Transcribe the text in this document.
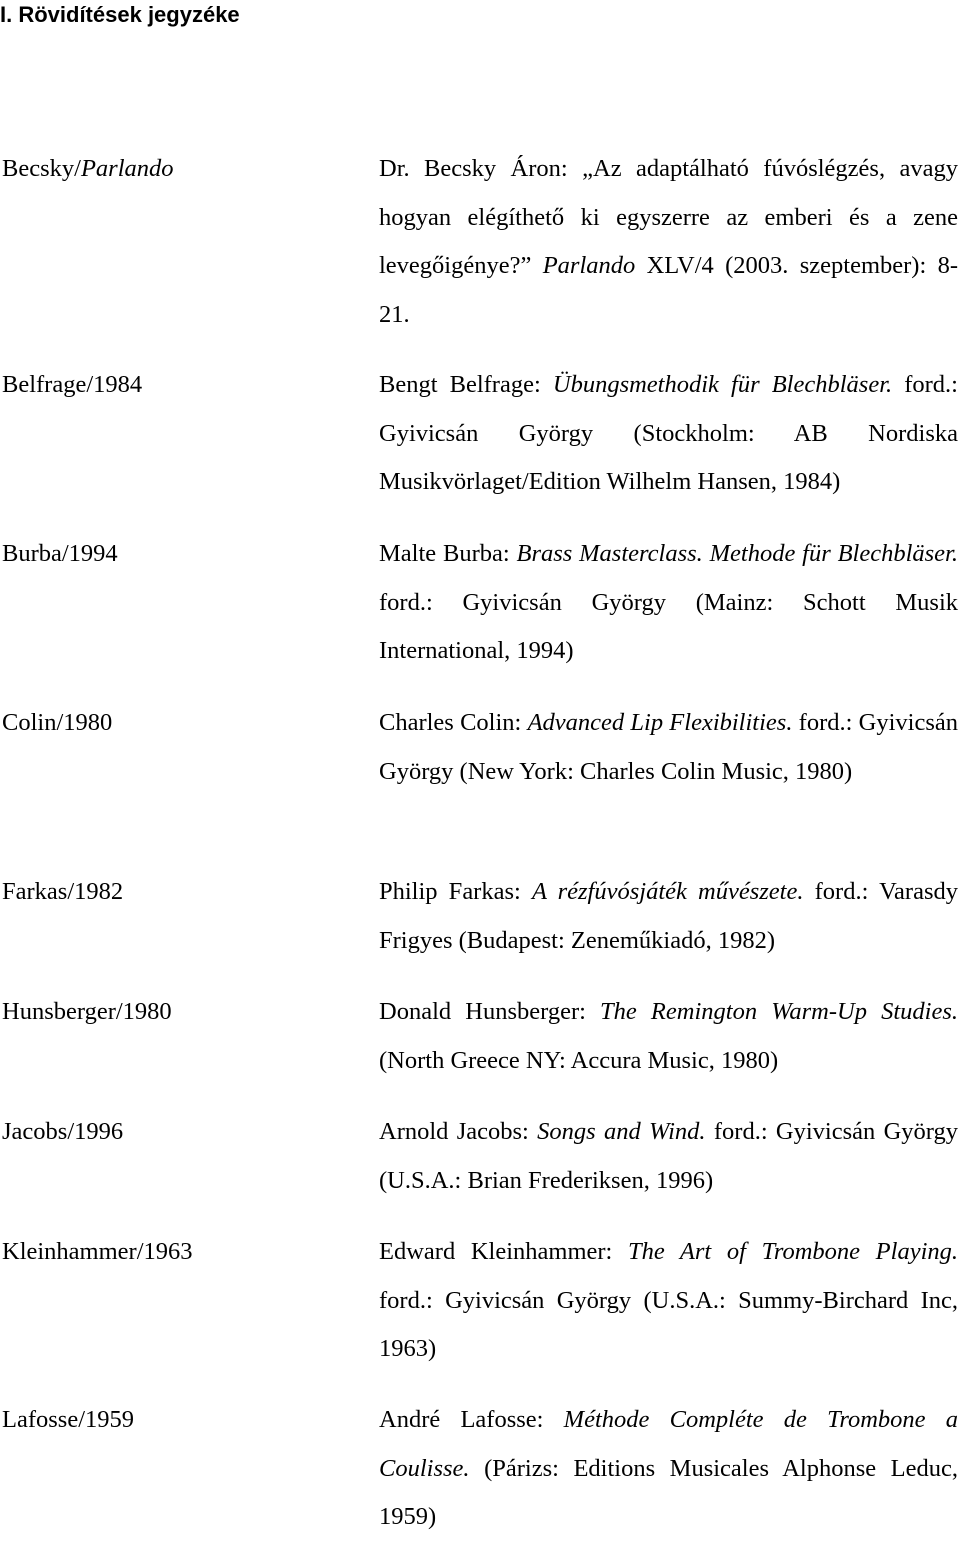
I. Rövidítések jegyzéke
Becsky/Parlando	Dr. Becsky Áron: „Az adaptálható fúvóslégzés, avagy hogyan elégíthető ki egyszerre az emberi és a zene levegőigénye?” Parlando XLV/4 (2003. szeptember): 8-21.
Belfrage/1984	Bengt Belfrage: Übungsmethodik für Blechbläser. ford.: Gyivicsán György (Stockholm: AB Nordiska Musikvörlaget/Edition Wilhelm Hansen, 1984)
Burba/1994	Malte Burba: Brass Masterclass. Methode für Blechbläser. ford.: Gyivicsán György (Mainz: Schott Musik International, 1994)
Colin/1980	Charles Colin: Advanced Lip Flexibilities. ford.: Gyivicsán György (New York: Charles Colin Music, 1980)
Farkas/1982	Philip Farkas: A rézfúvósjáték művészete. ford.: Varasdy Frigyes (Budapest: Zeneműkiadó, 1982)
Hunsberger/1980	Donald Hunsberger: The Remington Warm-Up Studies. (North Greece NY: Accura Music, 1980)
Jacobs/1996	Arnold Jacobs: Songs and Wind. ford.: Gyivicsán György (U.S.A.: Brian Frederiksen, 1996)
Kleinhammer/1963	Edward Kleinhammer: The Art of Trombone Playing. ford.: Gyivicsán György (U.S.A.: Summy-Birchard Inc, 1963)
Lafosse/1959	André Lafosse: Méthode Compléte de Trombone a Coulisse. (Párizs: Editions Musicales Alphonse Leduc, 1959)
